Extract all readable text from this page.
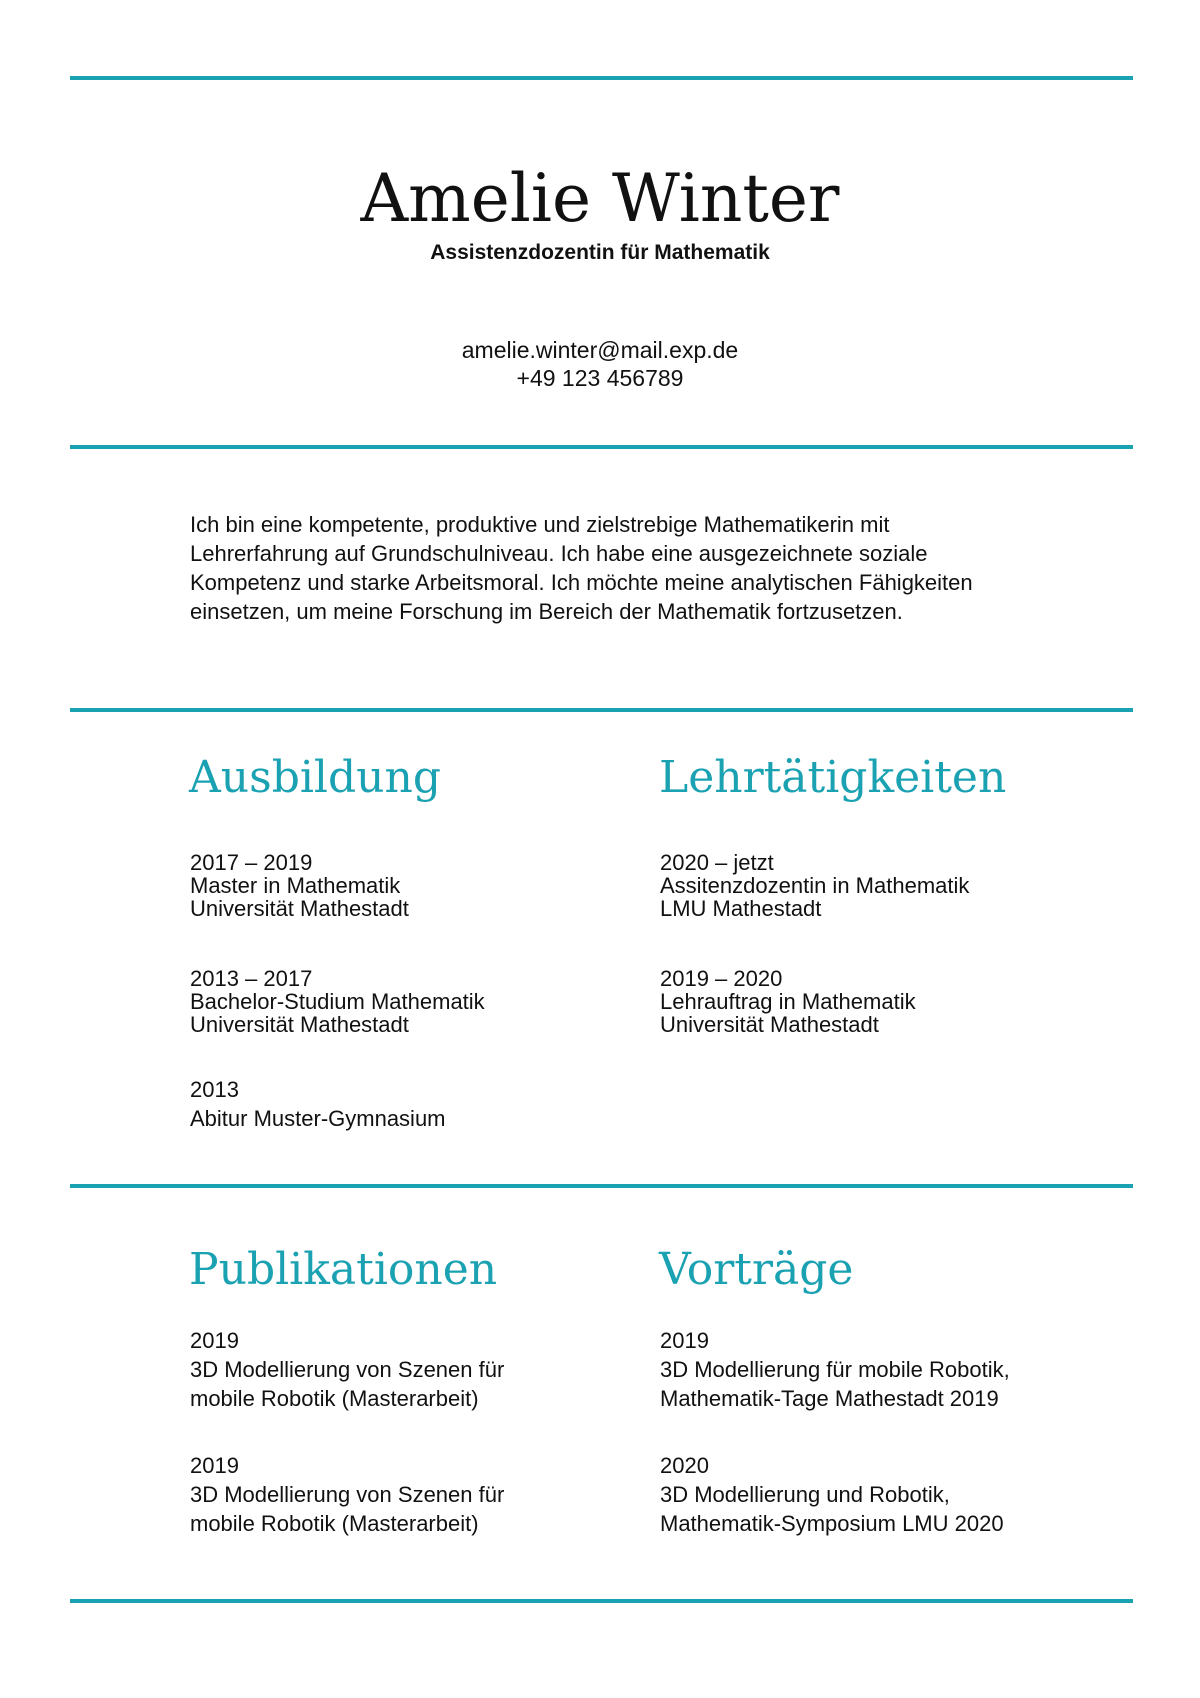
Amelie Winter
Assistenzdozentin für Mathematik
amelie.winter@mail.exp.de
+49 123 456789
Ich bin eine kompetente, produktive und zielstrebige Mathematikerin mit
Lehrerfahrung auf Grundschulniveau. Ich habe eine ausgezeichnete soziale
Kompetenz und starke Arbeitsmoral. Ich möchte meine analytischen Fähigkeiten
einsetzen, um meine Forschung im Bereich der Mathematik fortzusetzen.
Ausbildung
2017 – 2019
Master in Mathematik
Universität Mathestadt
2013 – 2017
Bachelor-Studium Mathematik
Universität Mathestadt
2013
Abitur Muster-Gymnasium
Lehrtätigkeiten
2020 – jetzt
Assitenzdozentin in Mathematik
LMU Mathestadt
2019 – 2020
Lehrauftrag in Mathematik
Universität Mathestadt
Publikationen
2019
3D Modellierung von Szenen für
mobile Robotik (Masterarbeit)
2019
3D Modellierung von Szenen für
mobile Robotik (Masterarbeit)
Vorträge
2019
3D Modellierung für mobile Robotik,
Mathematik-Tage Mathestadt 2019
2020
3D Modellierung und Robotik,
Mathematik-Symposium LMU 2020
